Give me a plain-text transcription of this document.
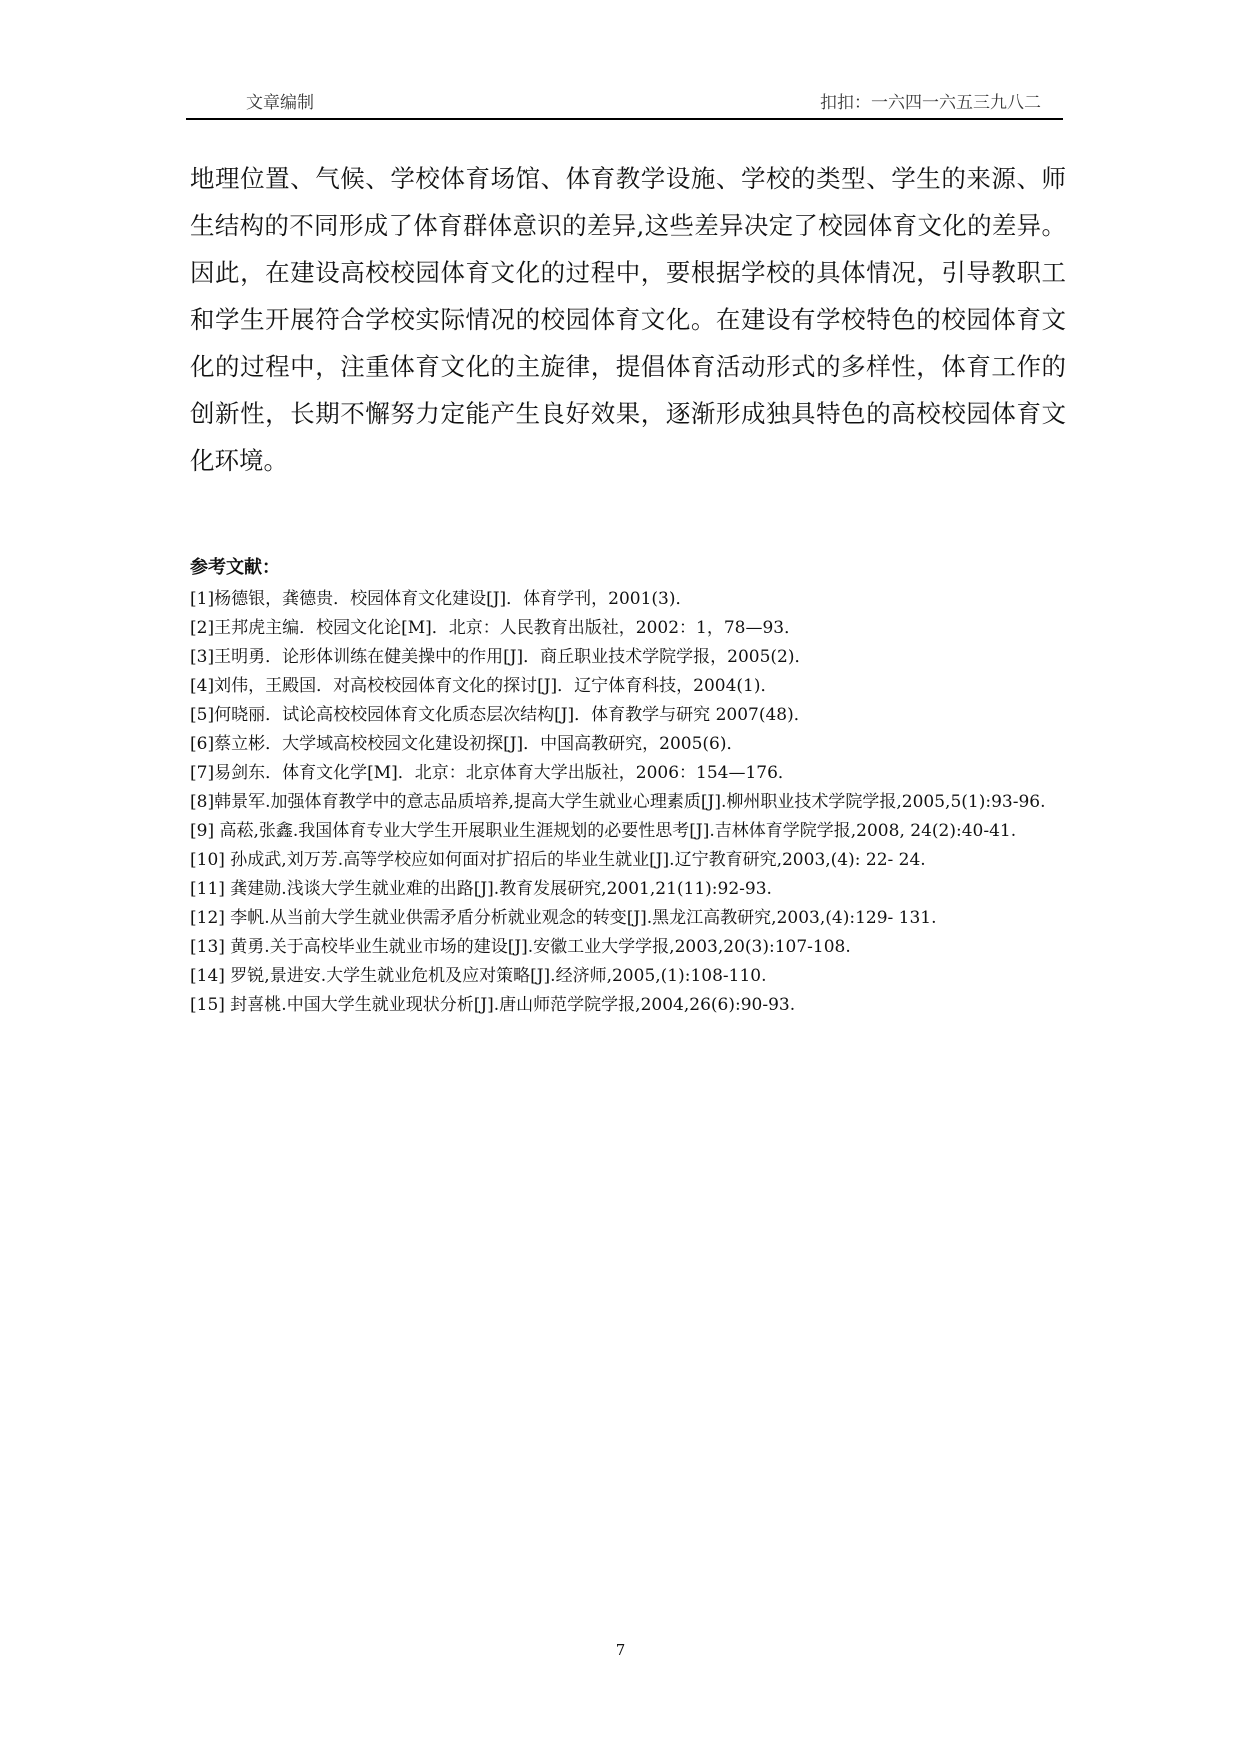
文章编制	扣扣：一六四一六五三九八二
地理位置、气候、学校体育场馆、体育教学设施、学校的类型、学生的来源、师生结构的不同形成了体育群体意识的差异,这些差异决定了校园体育文化的差异。因此，在建设高校校园体育文化的过程中，要根据学校的具体情况，引导教职工和学生开展符合学校实际情况的校园体育文化。在建设有学校特色的校园体育文化的过程中，注重体育文化的主旋律，提倡体育活动形式的多样性，体育工作的创新性，长期不懈努力定能产生良好效果，逐渐形成独具特色的高校校园体育文化环境。
参考文献：
[1]杨德银，龚德贵．校园体育文化建设[J]．体育学刊，2001(3)．
[2]王邦虎主编．校园文化论[M]．北京：人民教育出版社，2002：1，78—93．
[3]王明勇．论形体训练在健美操中的作用[J]．商丘职业技术学院学报，2005(2)．
[4]刘伟，王殿国．对高校校园体育文化的探讨[J]．辽宁体育科技，2004(1)．
[5]何晓丽．试论高校校园体育文化质态层次结构[J]．体育教学与研究 2007(48)．
[6]蔡立彬．大学域高校校园文化建设初探[J]．中国高教研究，2005(6)．
[7]易剑东．体育文化学[M]．北京：北京体育大学出版社，2006：154—176．
[8]韩景军.加强体育教学中的意志品质培养,提高大学生就业心理素质[J].柳州职业技术学院学报,2005,5(1):93-96.
[9] 高菘,张鑫.我国体育专业大学生开展职业生涯规划的必要性思考[J].吉林体育学院学报,2008, 24(2):40-41.
[10] 孙成武,刘万芳.高等学校应如何面对扩招后的毕业生就业[J].辽宁教育研究,2003,(4): 22- 24.
[11] 龚建勋.浅谈大学生就业难的出路[J].教育发展研究,2001,21(11):92-93.
[12] 李帆.从当前大学生就业供需矛盾分析就业观念的转变[J].黑龙江高教研究,2003,(4):129- 131.
[13] 黄勇.关于高校毕业生就业市场的建设[J].安徽工业大学学报,2003,20(3):107-108.
[14] 罗锐,景进安.大学生就业危机及应对策略[J].经济师,2005,(1):108-110.
[15] 封喜桃.中国大学生就业现状分析[J].唐山师范学院学报,2004,26(6):90-93.
7
